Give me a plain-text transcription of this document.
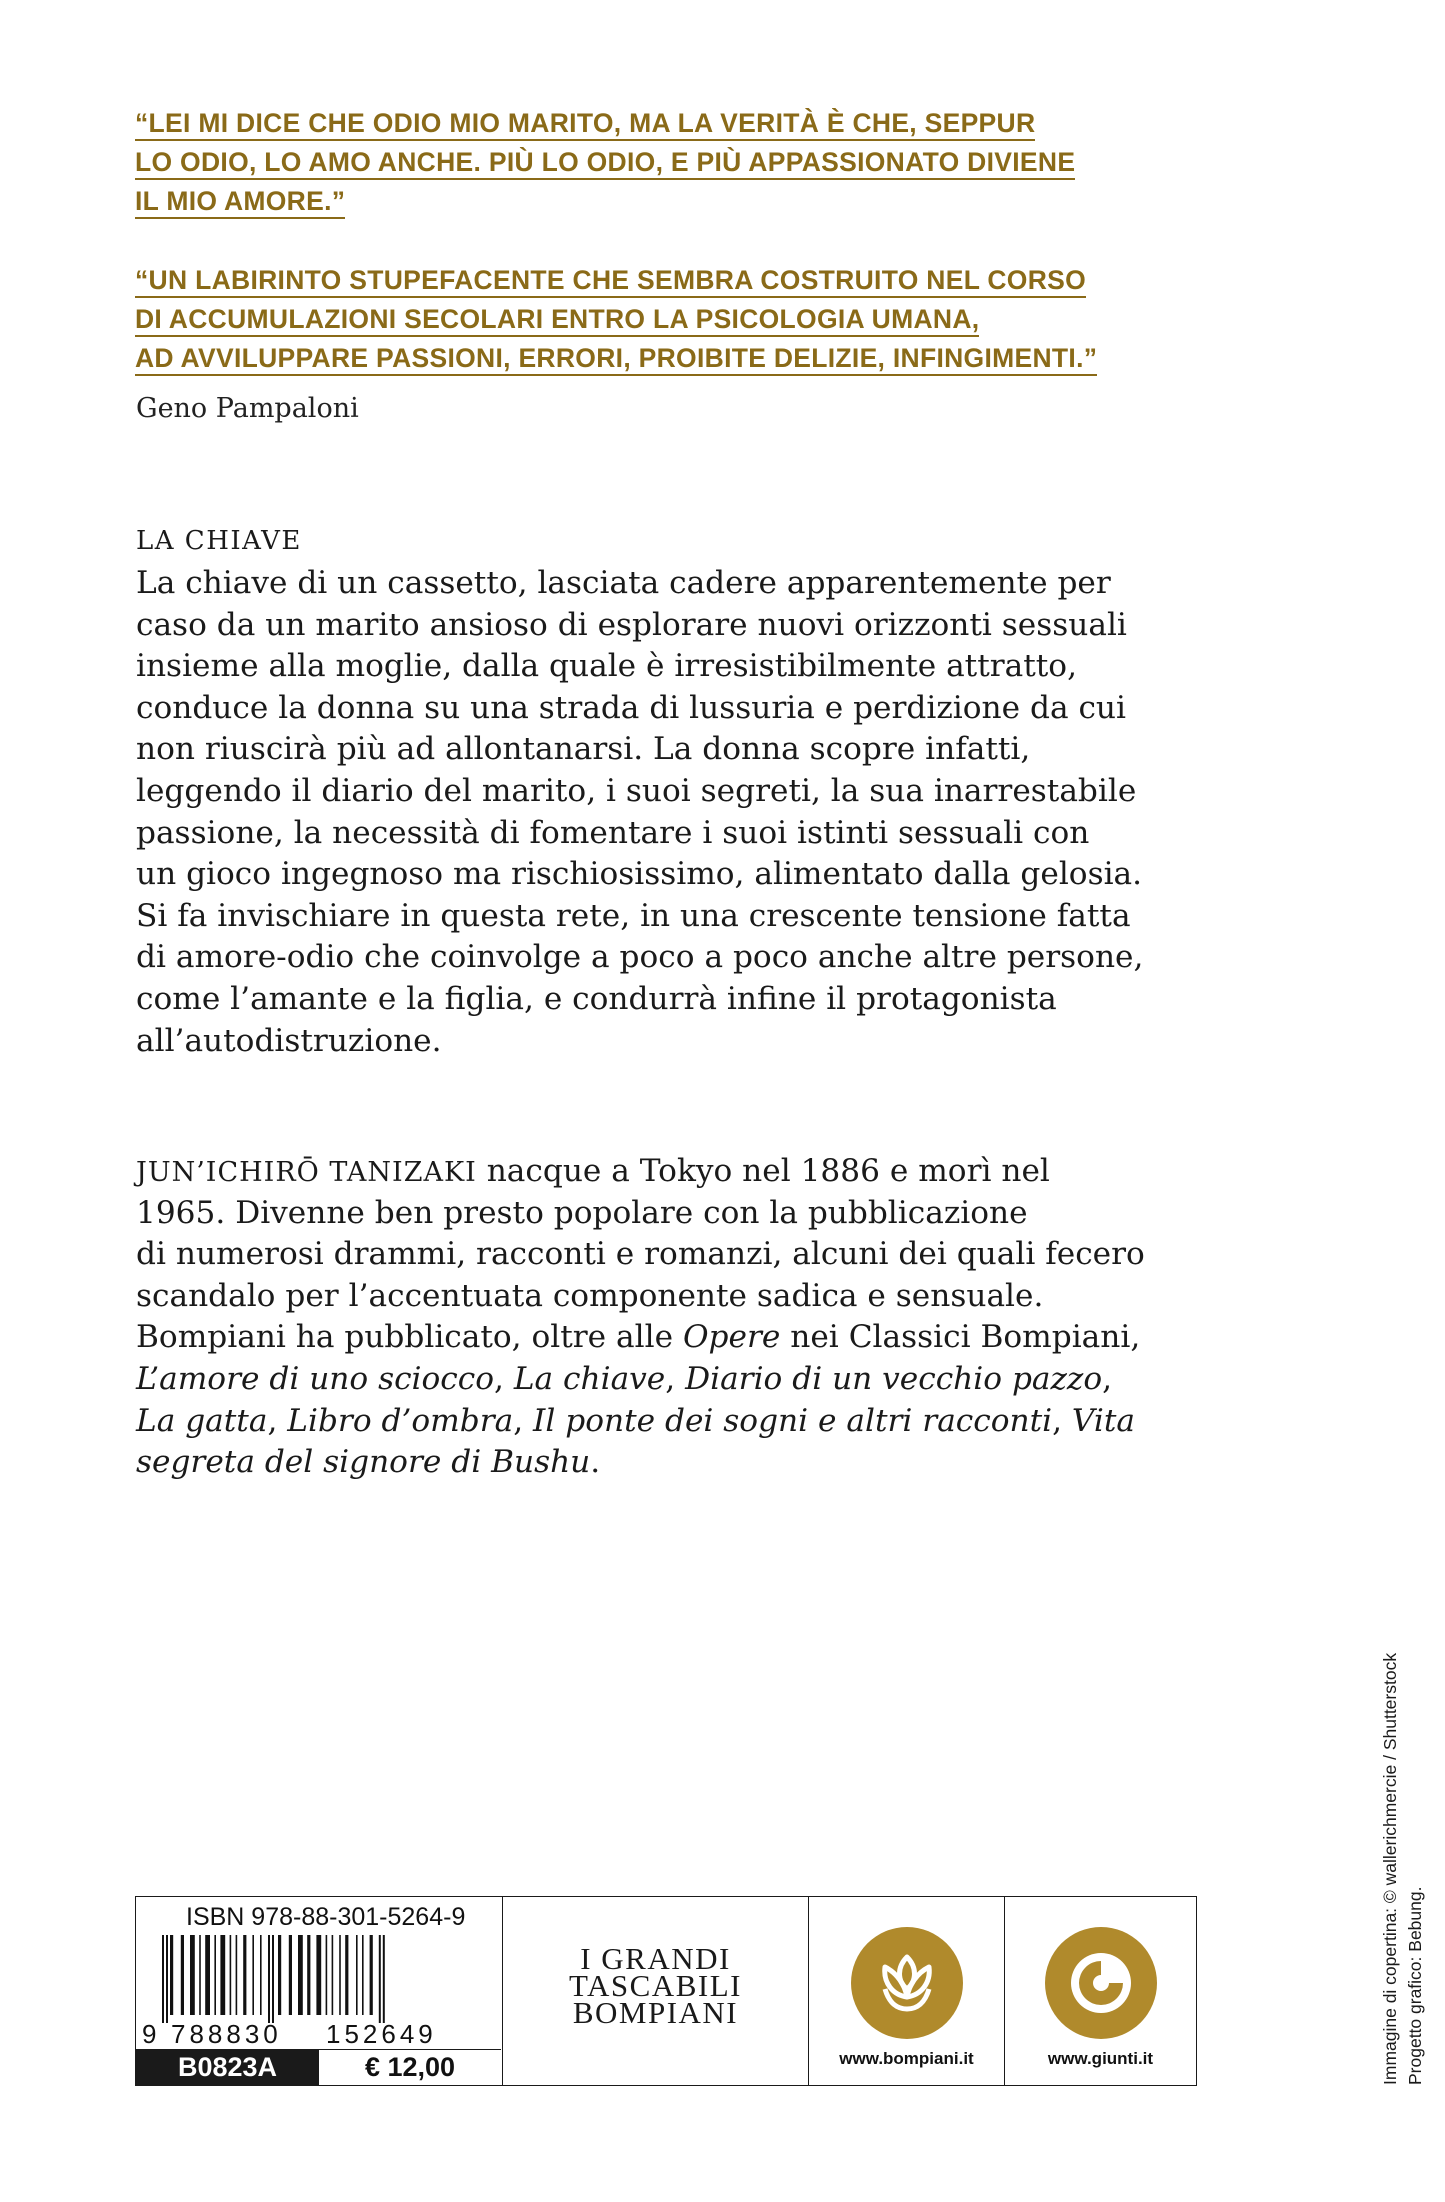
“LEI MI DICE CHE ODIO MIO MARITO, MA LA VERITÀ È CHE, SEPPUR
LO ODIO, LO AMO ANCHE. PIÙ LO ODIO, E PIÙ APPASSIONATO DIVIENE
IL MIO AMORE.”
“UN LABIRINTO STUPEFACENTE CHE SEMBRA COSTRUITO NEL CORSO
DI ACCUMULAZIONI SECOLARI ENTRO LA PSICOLOGIA UMANA,
AD AVVILUPPARE PASSIONI, ERRORI, PROIBITE DELIZIE, INFINGIMENTI.”
Geno Pampaloni
LA CHIAVE
La chiave di un cassetto, lasciata cadere apparentemente per
caso da un marito ansioso di esplorare nuovi orizzonti sessuali
insieme alla moglie, dalla quale è irresistibilmente attratto,
conduce la donna su una strada di lussuria e perdizione da cui
non riuscirà più ad allontanarsi. La donna scopre infatti,
leggendo il diario del marito, i suoi segreti, la sua inarrestabile
passione, la necessità di fomentare i suoi istinti sessuali con
un gioco ingegnoso ma rischiosissimo, alimentato dalla gelosia.
Si fa invischiare in questa rete, in una crescente tensione fatta
di amore-odio che coinvolge a poco a poco anche altre persone,
come l’amante e la figlia, e condurrà infine il protagonista
all’autodistruzione.
JUN’ICHIRŌ TANIZAKI nacque a Tokyo nel 1886 e morì nel
1965. Divenne ben presto popolare con la pubblicazione
di numerosi drammi, racconti e romanzi, alcuni dei quali fecero
scandalo per l’accentuata componente sadica e sensuale.
Bompiani ha pubblicato, oltre alle Opere nei Classici Bompiani,
L’amore di uno sciocco, La chiave, Diario di un vecchio pazzo,
La gatta, Libro d’ombra, Il ponte dei sogni e altri racconti, Vita
segreta del signore di Bushu.
Immagine di copertina: © wallerichmercie / Shutterstock Progetto grafico: Bebung.
ISBN 978-88-301-5264-9
9 788830 152649
B0823A	€ 12,00
I GRANDI
TASCABILI
BOMPIANI
www.bompiani.it	www.giunti.it
